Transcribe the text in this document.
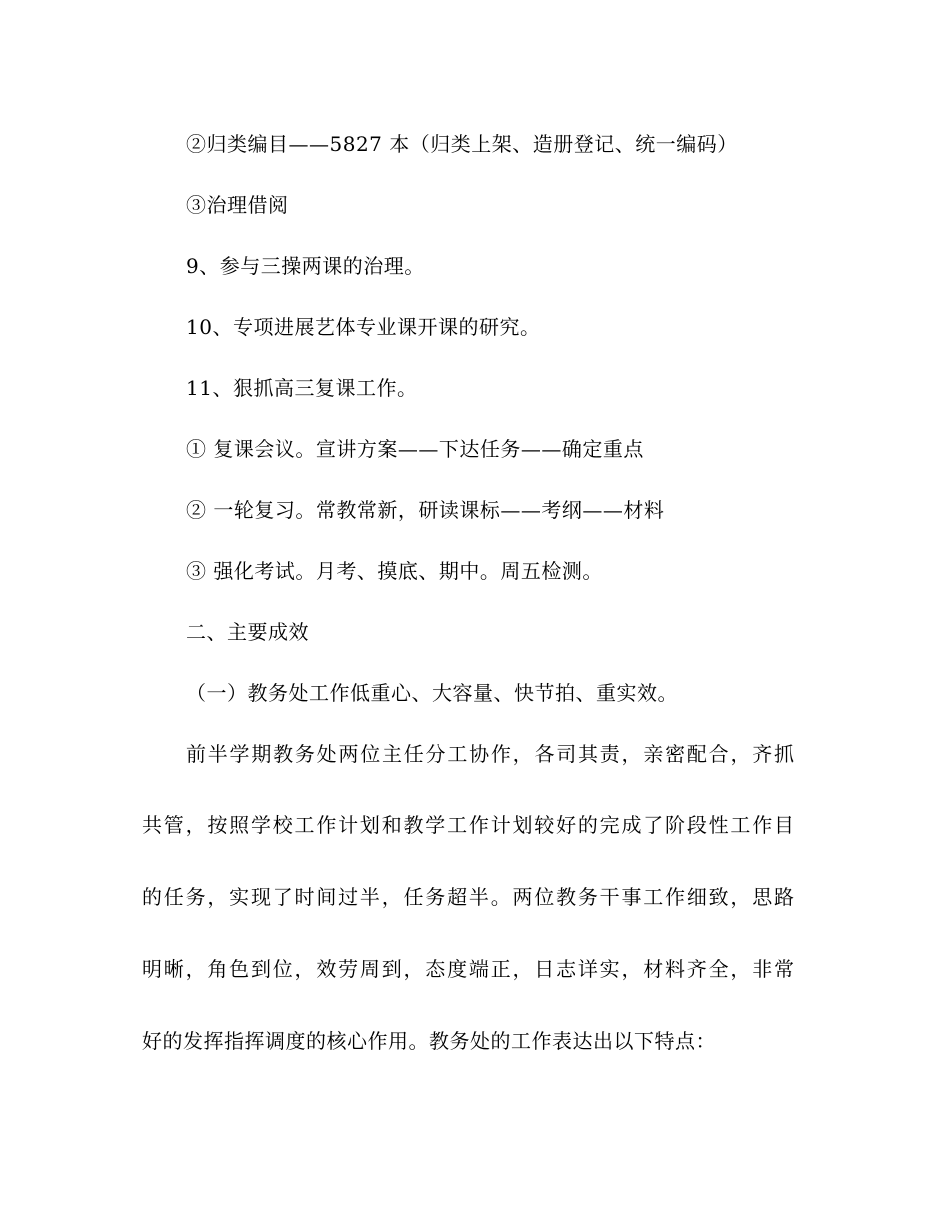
②归类编目——5827 本（归类上架、造册登记、统一编码）
③治理借阅
9、参与三操两课的治理。
10、专项进展艺体专业课开课的研究。
11、狠抓高三复课工作。
① 复课会议。宣讲方案——下达任务——确定重点
② 一轮复习。常教常新，研读课标——考纲——材料
③ 强化考试。月考、摸底、期中。周五检测。
二、主要成效
（一）教务处工作低重心、大容量、快节拍、重实效。
前半学期教务处两位主任分工协作，各司其责，亲密配合，齐抓
共管，按照学校工作计划和教学工作计划较好的完成了阶段性工作目
的任务，实现了时间过半，任务超半。两位教务干事工作细致，思路
明晰，角色到位，效劳周到，态度端正，日志详实，材料齐全，非常
好的发挥指挥调度的核心作用。教务处的工作表达出以下特点：
